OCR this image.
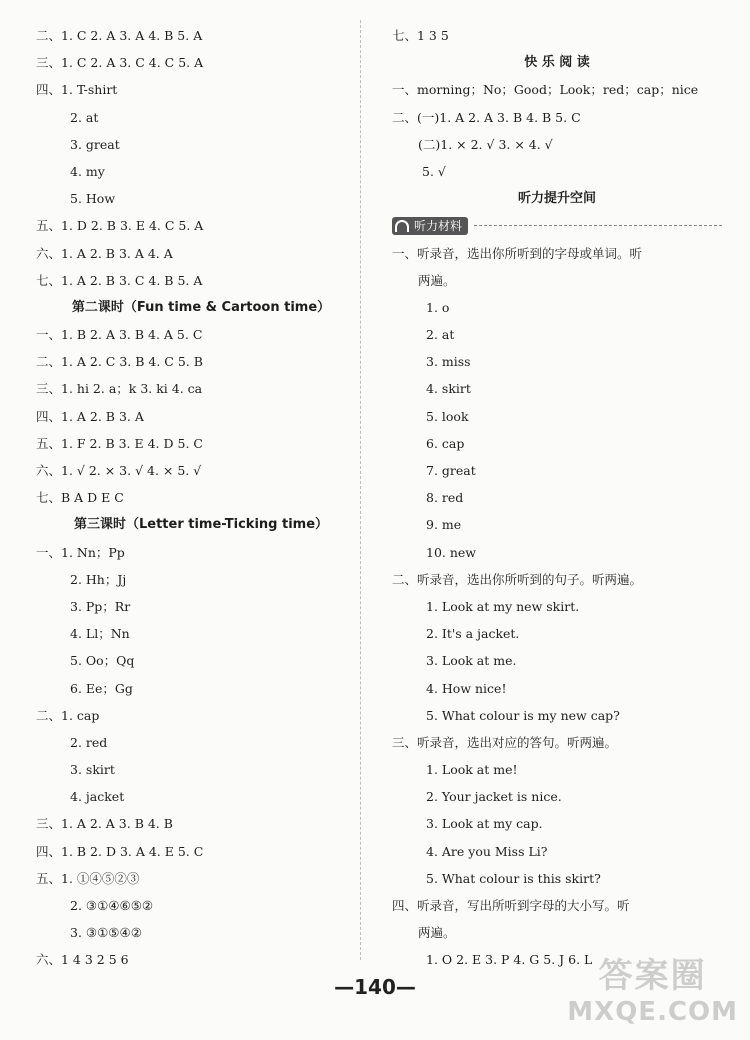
二、1. C 2. A 3. A 4. B 5. A
三、1. C 2. A 3. C 4. C 5. A
四、1. T-shirt
2. at
3. great
4. my
5. How
五、1. D 2. B 3. E 4. C 5. A
六、1. A 2. B 3. A 4. A
七、1. A 2. B 3. C 4. B 5. A
第二课时（Fun time & Cartoon time）
一、1. B 2. A 3. B 4. A 5. C
二、1. A 2. C 3. B 4. C 5. B
三、1. hi 2. a；k 3. ki 4. ca
四、1. A 2. B 3. A
五、1. F 2. B 3. E 4. D 5. C
六、1. √ 2. × 3. √ 4. × 5. √
七、B A D E C
第三课时（Letter time-Ticking time）
一、1. Nn；Pp
2. Hh；Jj
3. Pp；Rr
4. Ll；Nn
5. Oo；Qq
6. Ee；Gg
二、1. cap
2. red
3. skirt
4. jacket
三、1. A 2. A 3. B 4. B
四、1. B 2. D 3. A 4. E 5. C
五、1. ①④⑤②③
2. ③①④⑥⑤②
3. ③①⑤④②
六、1 4 3 2 5 6
七、1 3 5
快 乐 阅 读
一、morning；No；Good；Look；red；cap；nice
二、(一)1. A 2. A 3. B 4. B 5. C
(二)1. × 2. √ 3. × 4. √
5. √
听力提升空间
听力材料
一、听录音，选出你所听到的字母或单词。听
两遍。
1. o
2. at
3. miss
4. skirt
5. look
6. cap
7. great
8. red
9. me
10. new
二、听录音，选出你所听到的句子。听两遍。
1. Look at my new skirt.
2. It's a jacket.
3. Look at me.
4. How nice!
5. What colour is my new cap?
三、听录音，选出对应的答句。听两遍。
1. Look at me!
2. Your jacket is nice.
3. Look at my cap.
4. Are you Miss Li?
5. What colour is this skirt?
四、听录音，写出所听到字母的大小写。听
两遍。
1. O 2. E 3. P 4. G 5. J 6. L
—140—	答案圈
MXQE.COM
